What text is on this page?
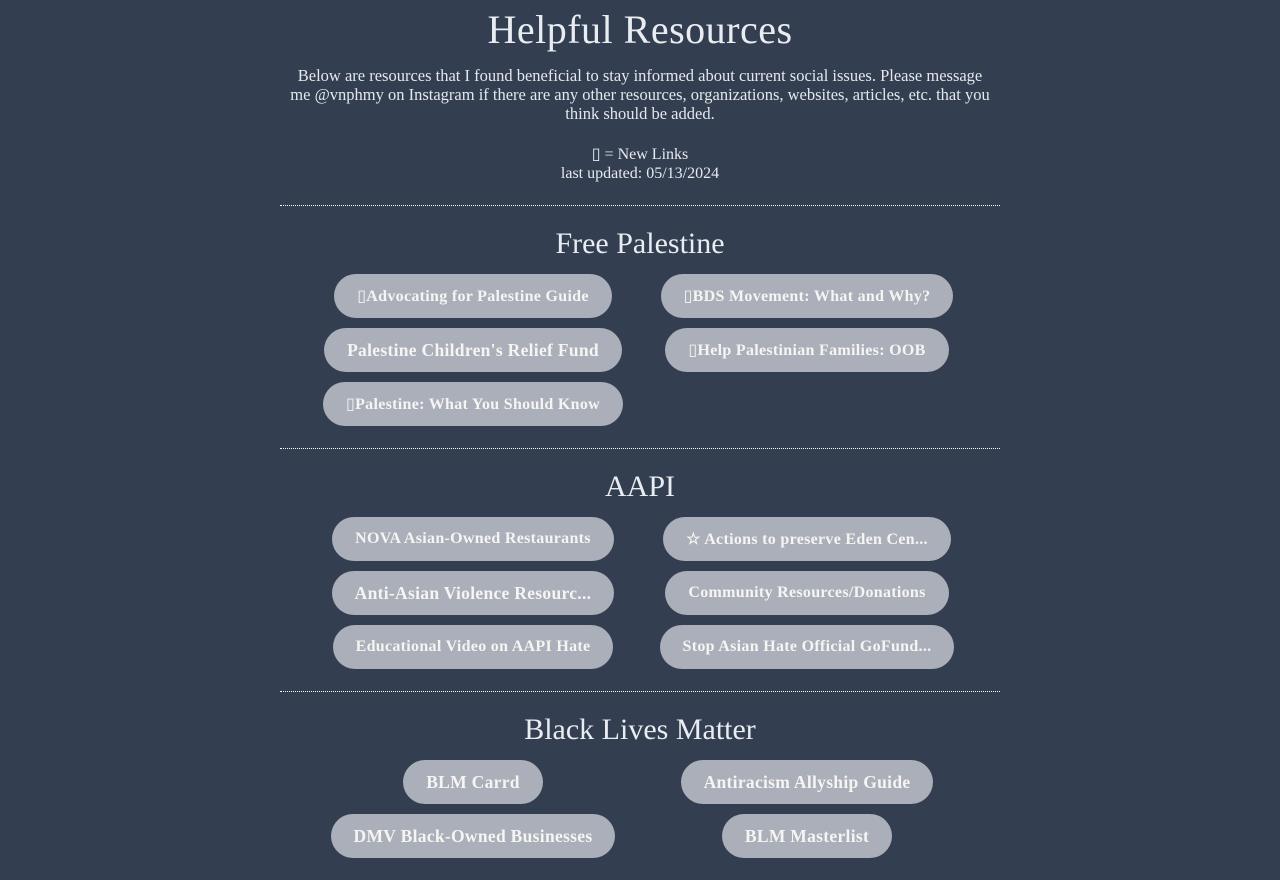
Helpful Resources

Below are resources that I found beneficial to stay informed about current social issues. Please message me @vnphmy on Instagram if there are any other resources, organizations, websites, articles, etc. that you think should be added.

▯ = New Links
last updated: 05/13/2024
Free Palestine
▯Advocating for Palestine Guide	▯BDS Movement: What and Why?
Palestine Children's Relief Fund	▯Help Palestinian Families: OOB
▯Palestine: What You Should Know
AAPI
NOVA Asian-Owned Restaurants	☆ Actions to preserve Eden Cen...
Anti-Asian Violence Resourc...	Community Resources/Donations
Educational Video on AAPI Hate	Stop Asian Hate Official GoFund...
Black Lives Matter
BLM Carrd	Antiracism Allyship Guide
DMV Black-Owned Businesses	BLM Masterlist
